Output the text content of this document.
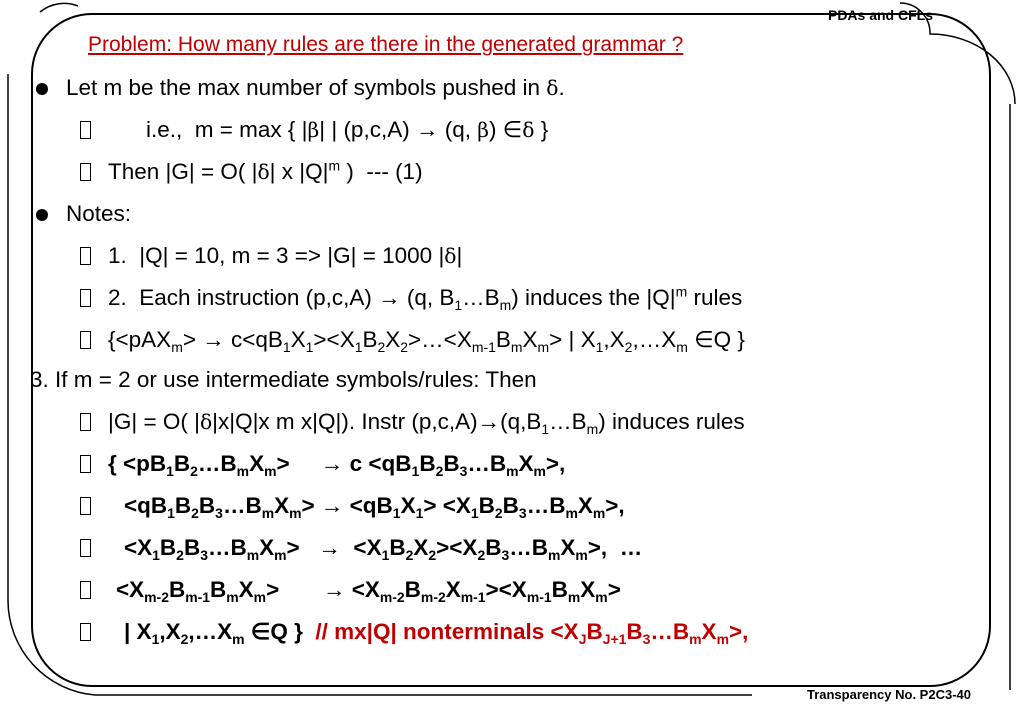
PDAs and CFLs
Transparency No. P2C3-40
Problem: How many rules are there in the generated grammar ?
Let m be the max number of symbols pushed in δ.
i.e.,  m = max { |β| | (p,c,A) → (q, β) ∈δ }
Then |G| = O( |δ| x $|Q|^m$ )  --- (1)
Notes:
1.  |Q| = 10, m = 3 => |G| = 1000 |δ|
2.  Each instruction (p,c,A) → (q, $B_1\dots B_m$) induces the $|Q|^m$ rules
{$<pAX_m> \to c<qB_1X_1><X_1B_2X_2>\dots<X_{m-1}B_mX_m>$ | $X_1,X_2,\dots X_m$ ∈Q }
3. If m = 2 or use intermediate symbols/rules: Then
|G| = O( |δ|x|Q|x m x|Q|). Instr $(p,c,A)\to(q,B_1\dots B_m)$ induces rules
{ $<pB_1B_2\dots B_mX_m>$     → $c <qB_1B_2B_3\dots B_mX_m>$,
$<qB_1B_2B_3\dots B_mX_m> \to <qB_1X_1>$ $<X_1B_2B_3\dots B_mX_m>$,
$<X_1B_2B_3\dots B_mX_m>$   →  $<X_1B_2X_2><X_2B_3\dots B_mX_m>$,  …
$<X_{m-2}B_{m-1}B_mX_m>$       → $<X_{m-2}B_{m-2}X_{m-1}><X_{m-1}B_mX_m>$
| $X_1,X_2,\dots X_m$ ∈Q }  // mx|Q| nonterminals $<X_JB_{J+1}B_3\dots B_mX_m>$,
